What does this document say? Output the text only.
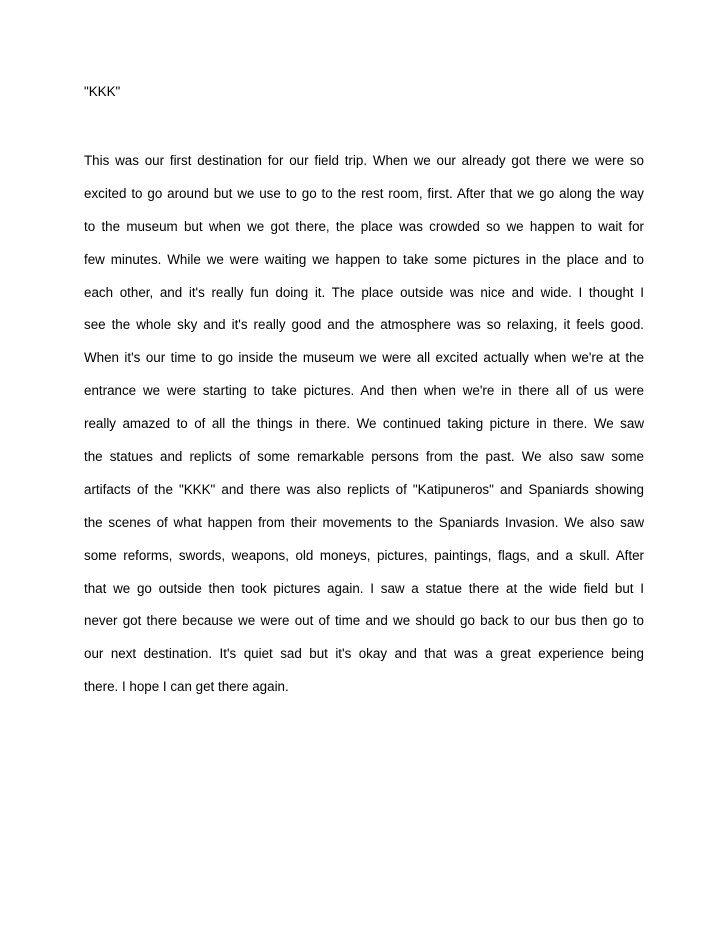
"KKK"

This was our first destination for our field trip. When we our already got there we were so
excited to go around but we use to go to the rest room, first. After that we go along the way
to the museum but when we got there, the place was crowded so we happen to wait for
few minutes. While we were waiting we happen to take some pictures in the place and to
each other, and it's really fun doing it. The place outside was nice and wide. I thought I
see the whole sky and it's really good and the atmosphere was so relaxing, it feels good.
When it's our time to go inside the museum we were all excited actually when we're at the
entrance we were starting to take pictures. And then when we're in there all of us were
really amazed to of all the things in there. We continued taking picture in there. We saw
the statues and replicts of some remarkable persons from the past. We also saw some
artifacts of the "KKK" and there was also replicts of "Katipuneros" and Spaniards showing
the scenes of what happen from their movements to the Spaniards Invasion. We also saw
some reforms, swords, weapons, old moneys, pictures, paintings, flags, and a skull. After
that we go outside then took pictures again. I saw a statue there at the wide field but I
never got there because we were out of time and we should go back to our bus then go to
our next destination. It's quiet sad but it's okay and that was a great experience being
there. I hope I can get there again.
